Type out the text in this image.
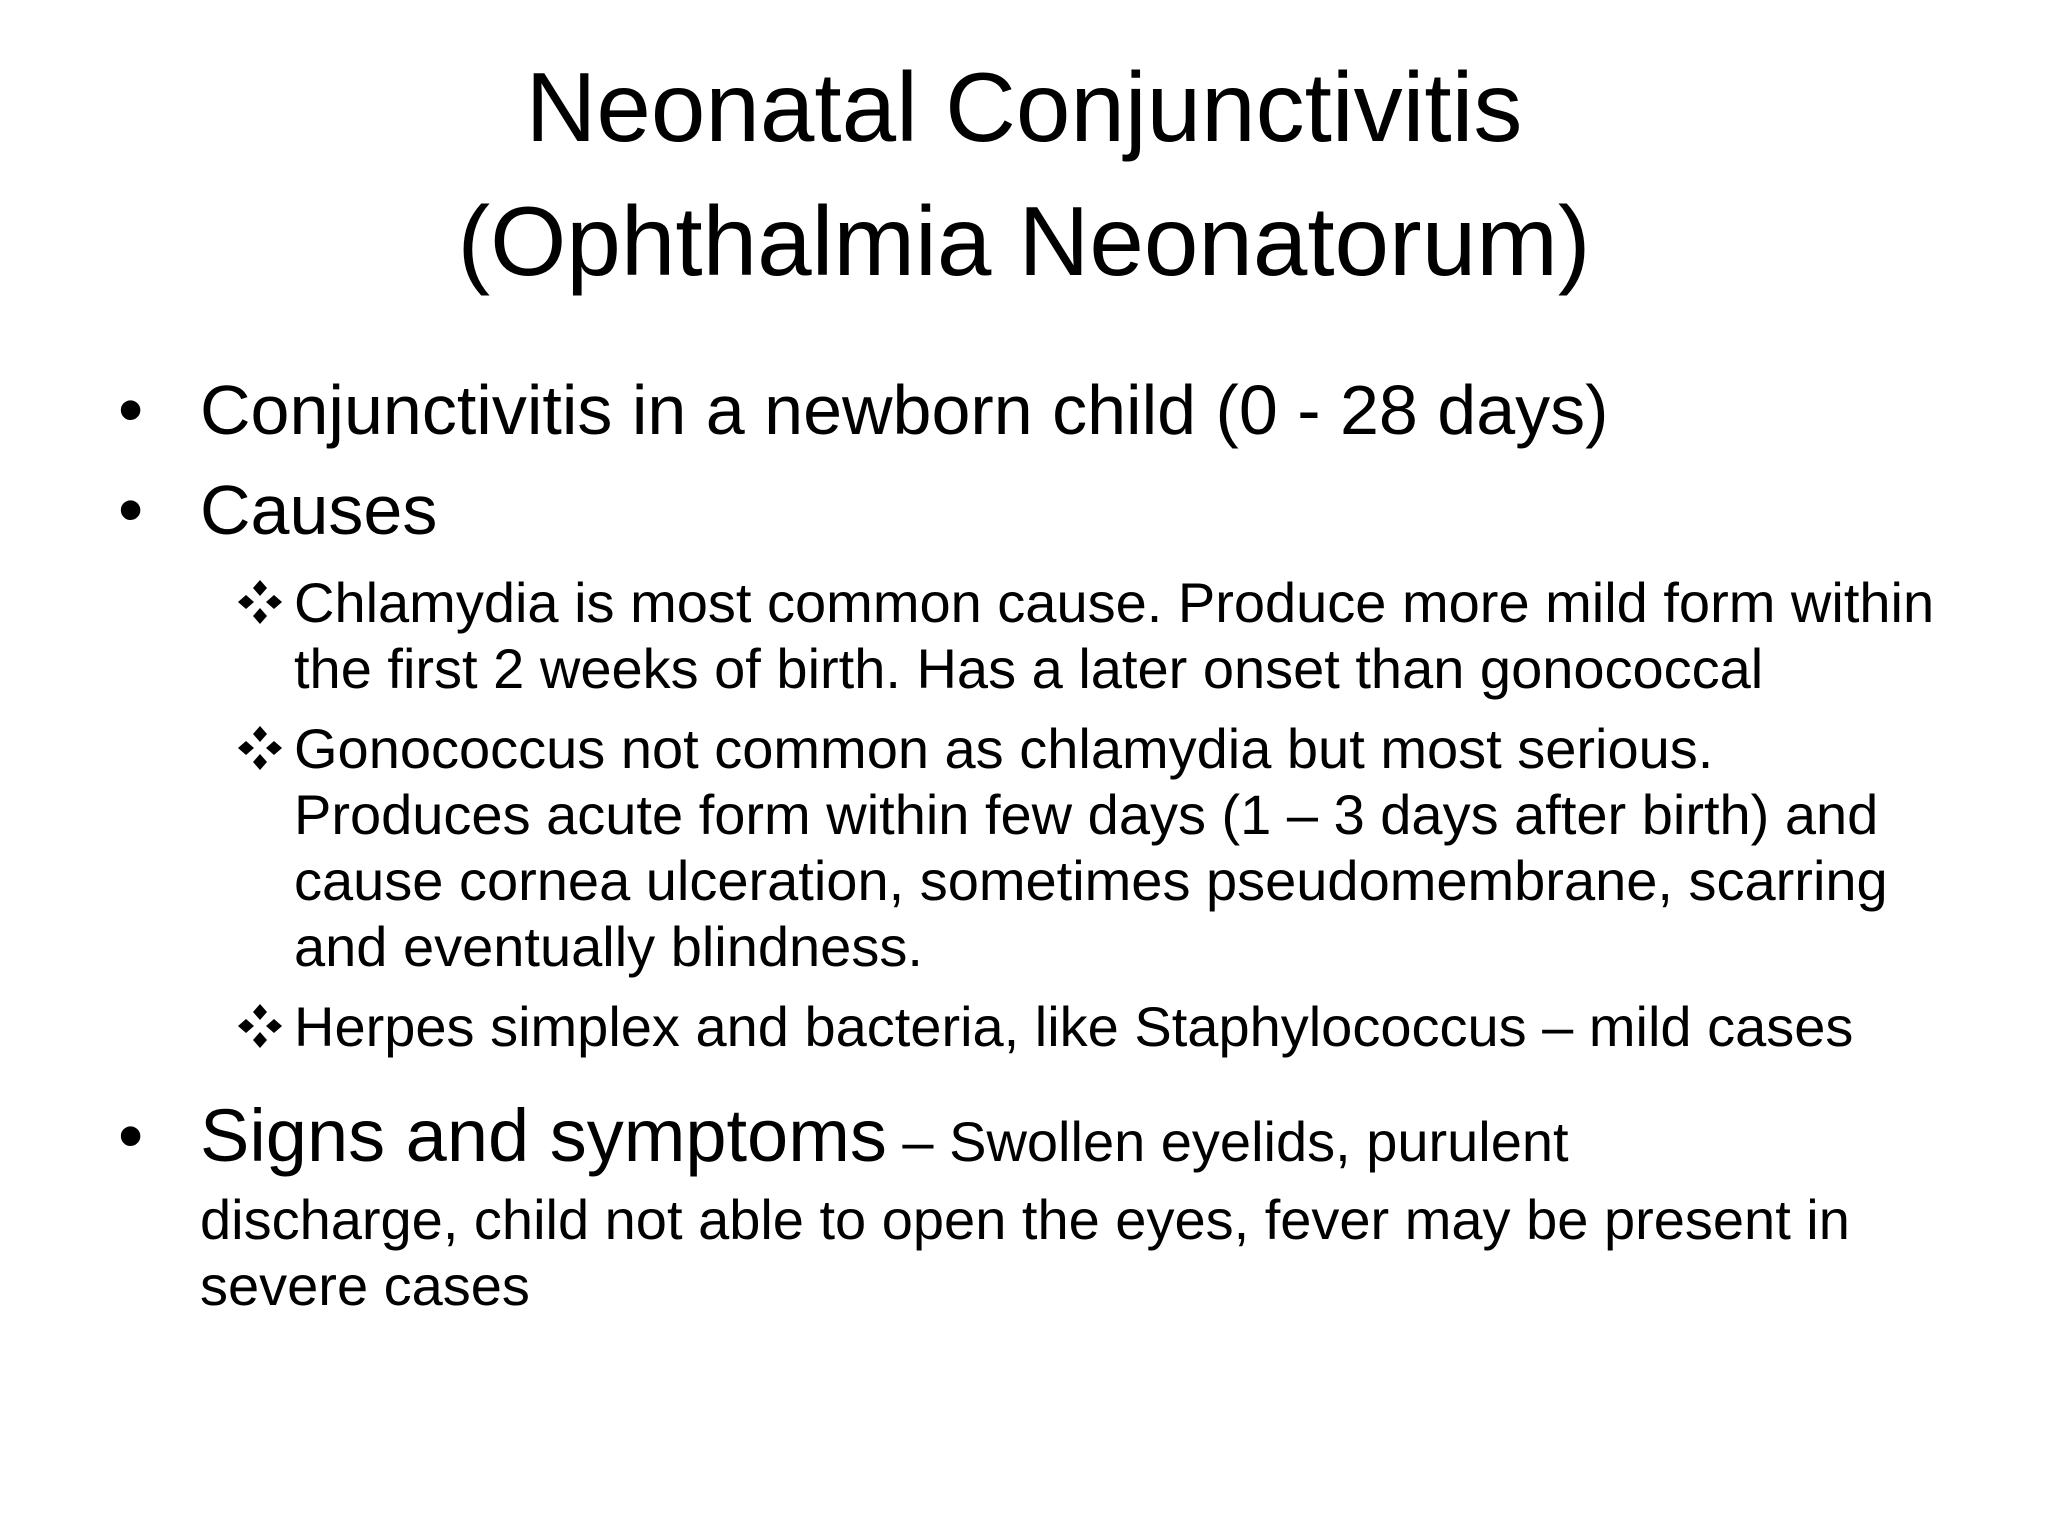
Neonatal Conjunctivitis
(Ophthalmia Neonatorum)
• Conjunctivitis in a newborn child (0 - 28 days)
• Causes
Chlamydia is most common cause. Produce more mild form within the first 2 weeks of birth. Has a later onset than gonococcal
Gonococcus not common as chlamydia but most serious. Produces acute form within few days (1 – 3 days after birth) and cause cornea ulceration, sometimes pseudomembrane, scarring and eventually blindness.
Herpes simplex and bacteria, like Staphylococcus – mild cases
• Signs and symptoms – Swollen eyelids, purulent
discharge, child not able to open the eyes, fever may be present in severe cases
